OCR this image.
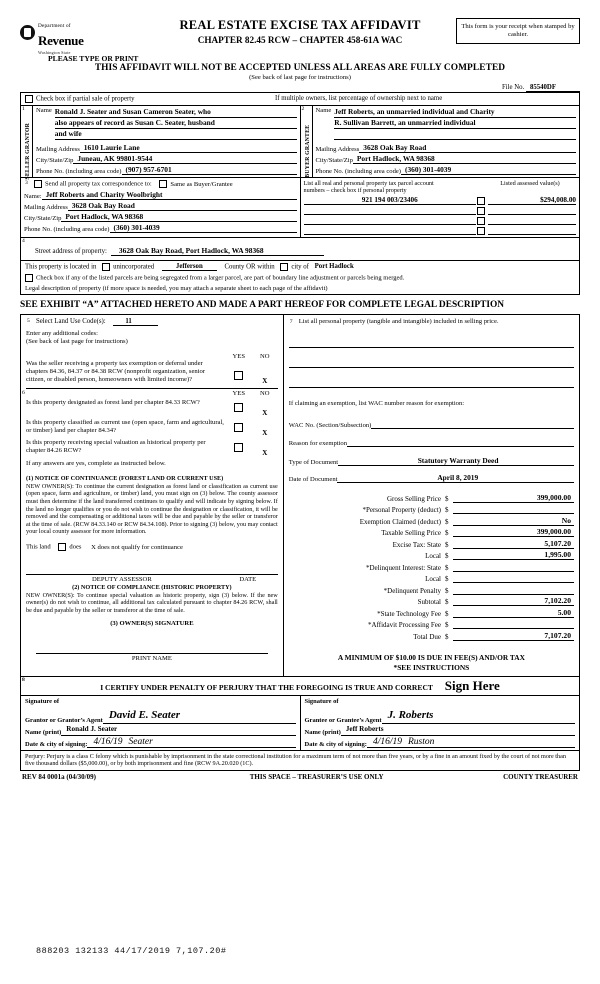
Department of
Revenue
Washington State
PLEASE TYPE OR PRINT
REAL ESTATE EXCISE TAX AFFIDAVIT
CHAPTER 82.45 RCW – CHAPTER 458-61A WAC
This form is your receipt when stamped by cashier.
THIS AFFIDAVIT WILL NOT BE ACCEPTED UNLESS ALL AREAS ARE FULLY COMPLETED
(See back of last page for instructions)
File No. 85540DF
Check box if partial sale of property	If multiple owners, list percentage of ownership next to name
1
SELLER GRANTOR
Name Ronald J. Seater and Susan Cameron Seater, who
also appears of record as Susan C. Seater, husband
and wife
Mailing Address 1610 Laurie Lane
City/State/Zip Juneau, AK 99801-9544
Phone No. (including area code) (907) 957-6701
2
BUYER GRANTEE
Name Jeff Roberts, an unmarried individual and Charity
R. Sullivan Barrett, an unmarried individual

Mailing Address 3628 Oak Bay Road
City/State/Zip Port Hadlock, WA 98368
Phone No. (including area code) (360) 301-4039
3	Send all property tax correspondence to:	Same as Buyer/Grantee
Name: Jeff Roberts and Charity Woolbright
Mailing Address 3628 Oak Bay Road
City/State/Zip Port Hadlock, WA 98368
Phone No. (including area code) (360) 301-4039
List all real and personal property tax parcel account
numbers – check box if personal property
Listed assessed value(s)
921 194 003/23406	$294,008.00
4
Street address of property: 3628 Oak Bay Road, Port Hadlock, WA 98368
This property is located in unincorporated	Jefferson	County OR within city of Port Hadlock
Check box if any of the listed parcels are being segregated from a larger parcel, are part of boundary line adjustment or parcels being merged.
Legal description of property (if more space is needed, you may attach a separate sheet to each page of the affidavit)
SEE EXHIBIT “A” ATTACHED HERETO AND MADE A PART HEREOF FOR COMPLETE LEGAL DESCRIPTION
5 Select Land Use Code(s):	11
Enter any additional codes:
(See back of last page for instructions)
YES	NO
Was the seller receiving a property tax exemption or deferral under chapters 84.36, 84.37 or 84.38 RCW (nonprofit organization, senior citizen, or disabled person, homeowners with limited income)?	X
6	YES	NO
Is this property designated as forest land per chapter 84.33 RCW?
X
Is this property classified as current use (open space, farm and agricultural, or timber) land per chapter 84.34?	X
Is this property receiving special valuation as historical property per chapter 84.26 RCW?	X
If any answers are yes, complete as instructed below.
(1) NOTICE OF CONTINUANCE (FOREST LAND OR CURRENT USE)
NEW OWNER(S): To continue the current designation as forest land or classification as current use (open space, farm and agriculture, or timber) land, you must sign on (3) below. The county assessor must then determine if the land transferred continues to qualify and will indicate by signing below. If the land no longer qualifies or you do not wish to continue the designation or classification, it will be removed and the compensating or additional taxes will be due and payable by the seller or transferor at the time of sale. (RCW 84.33.140 or RCW 84.34.108). Prior to signing (3) below, you may contact your local county assessor for more information.
This land	does X does not qualify for continuance
DEPUTY ASSESSOR	DATE
(2) NOTICE OF COMPLIANCE (HISTORIC PROPERTY)
NEW OWNER(S): To continue special valuation as historic property, sign (3) below. If the new owner(s) do not wish to continue, all additional tax calculated pursuant to chapter 84.26 RCW, shall be due and payable by the seller or transferor at the time of sale.
(3) OWNER(S) SIGNATURE
PRINT NAME
7 List all personal property (tangible and intangible) included in selling price.
If claiming an exemption, list WAC number reason for exemption:
WAC No. (Section/Subsection)
Reason for exemption
Type of Document	Statutory Warranty Deed
Date of Document	April 8, 2019
Gross Selling Price $	399,000.00
*Personal Property (deduct) $
Exemption Claimed (deduct) $	No
Taxable Selling Price $	399,000.00
Excise Tax: State $	5,107.20
Local $	1,995.00
*Delinquent Interest: State $
Local $
*Delinquent Penalty $
Subtotal $	7,102.20
*State Technology Fee $	5.00
*Affidavit Processing Fee $
Total Due $	7,107.20
A MINIMUM OF $10.00 IS DUE IN FEE(S) AND/OR TAX
*SEE INSTRUCTIONS
8
I CERTIFY UNDER PENALTY OF PERJURY THAT THE FOREGOING IS TRUE AND CORRECT Sign Here
Signature of
Grantor or Grantor’s Agent David E. Seater
Name (print) Ronald J. Seater
Date & city of signing: 4/16/19 Seater
Signature of
Grantee or Grantee’s Agent J. Roberts
Name (print) Jeff Roberts
Date & city of signing: 4/16/19 Ruston
Perjury: Perjury is a class C felony which is punishable by imprisonment in the state correctional institution for a maximum term of not more than five years, or by a fine in an amount fixed by the court of not more than five thousand dollars ($5,000.00), or by both imprisonment and fine (RCW 9A.20.020 (1C).
REV 84 0001a (04/30/09)	THIS SPACE – TREASURER’S USE ONLY	COUNTY TREASURER
888203 132133 44/17/2019 7,107.20#
